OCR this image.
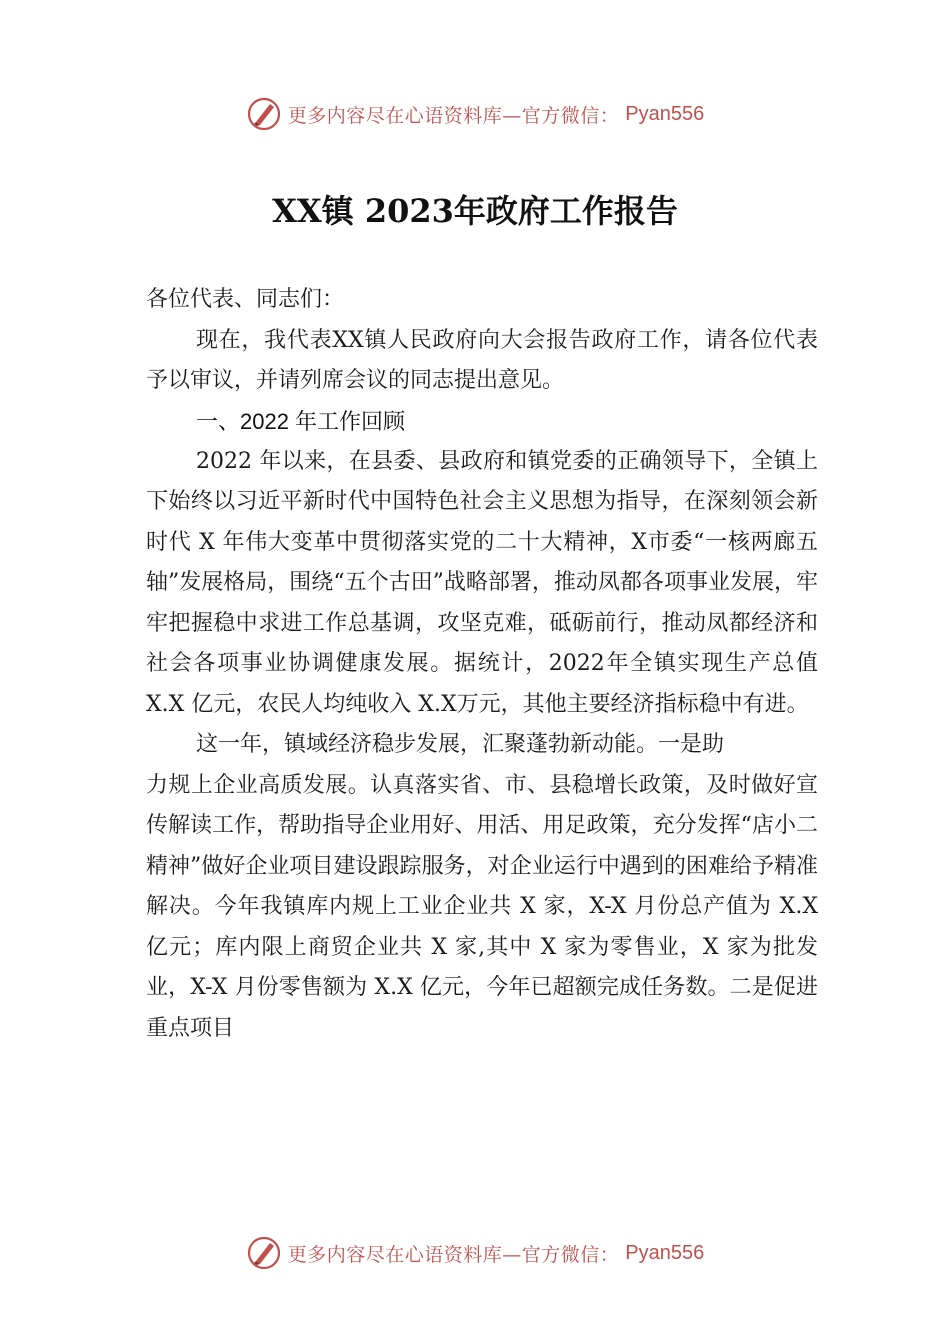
更多内容尽在心语资料库—官方微信： Pyan556
XX镇 2023年政府工作报告

各位代表、同志们：

现在，我代表XX镇人民政府向大会报告政府工作，请各位代表予以审议，并请列席会议的同志提出意见。

一、2022 年工作回顾

2022 年以来，在县委、县政府和镇党委的正确领导下，全镇上下始终以习近平新时代中国特色社会主义思想为指导，在深刻领会新时代 X 年伟大变革中贯彻落实党的二十大精神，X市委“一核两廊五轴”发展格局，围绕“五个古田”战略部署，推动凤都各项事业发展，牢牢把握稳中求进工作总基调，攻坚克难，砥砺前行，推动凤都经济和社会各项事业协调健康发展。据统计，2022年全镇实现生产总值 X.X 亿元，农民人均纯收入 X.X万元，其他主要经济指标稳中有进。

这一年，镇域经济稳步发展，汇聚蓬勃新动能。一是助

力规上企业高质发展。认真落实省、市、县稳增长政策，及时做好宣传解读工作，帮助指导企业用好、用活、用足政策，充分发挥“店小二精神”做好企业项目建设跟踪服务，对企业运行中遇到的困难给予精准解决。今年我镇库内规上工业企业共 X 家，X-X 月份总产值为 X.X 亿元；库内限上商贸企业共 X 家,其中 X 家为零售业，X 家为批发业，X-X 月份零售额为 X.X 亿元，今年已超额完成任务数。二是促进重点项目

更多内容尽在心语资料库—官方微信： Pyan556
